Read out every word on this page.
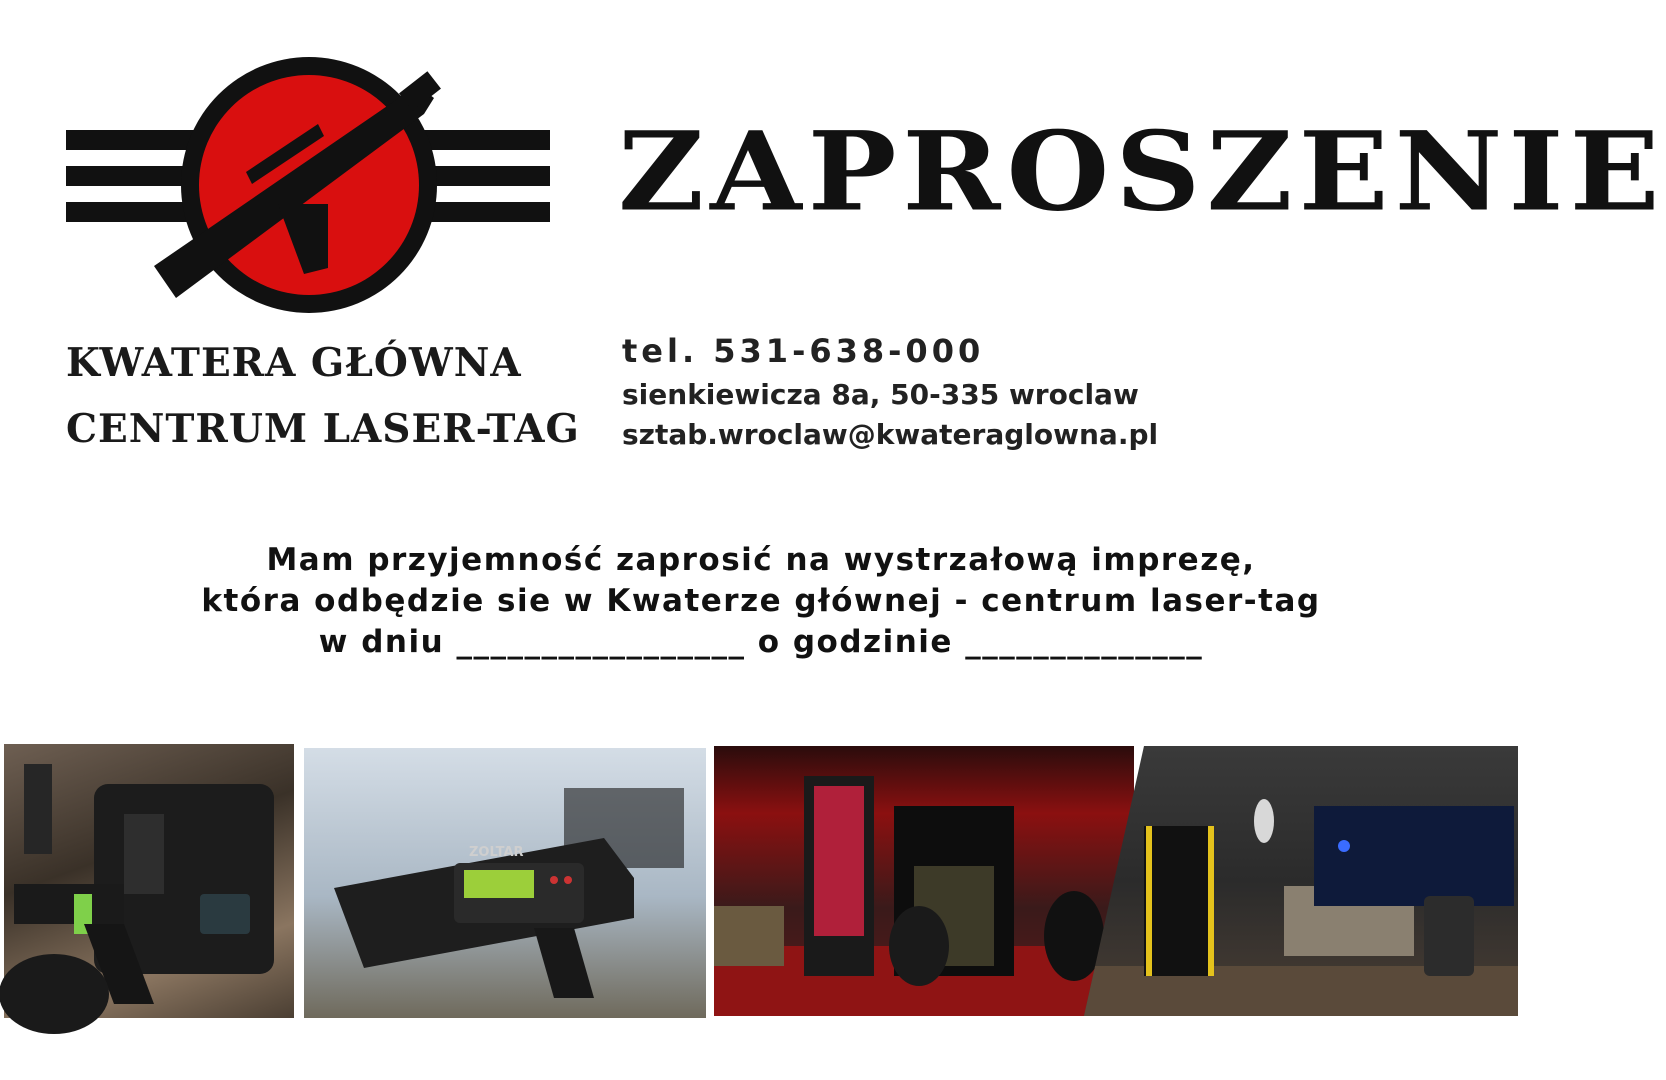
ZAPROSZENIE
KWATERA GŁÓWNA
CENTRUM LASER-TAG
tel. 531-638-000
sienkiewicza 8a, 50-335 wroclaw
sztab.wroclaw@kwateraglowna.pl
Mam przyjemność zaprosić na wystrzałową imprezę,
która odbędzie sie w Kwaterze głównej - centrum laser-tag
w dniu _________________ o godzinie ______________
ZOLTAR
